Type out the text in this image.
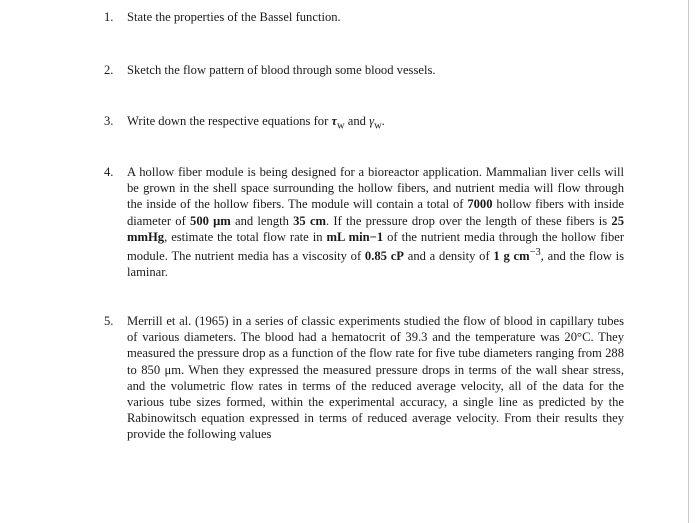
1.	State the properties of the Bassel function.
2.	Sketch the flow pattern of blood through some blood vessels.
3.	Write down the respective equations for $\tau_w$ and $\gamma_w$.
4.	A hollow fiber module is being designed for a bioreactor application. Mammalian liver cells will be grown in the shell space surrounding the hollow fibers, and nutrient media will flow through the inside of the hollow fibers. The module will contain a total of 7000 hollow fibers with inside diameter of 500 μm and length 35 cm. If the pressure drop over the length of these fibers is 25 mmHg, estimate the total flow rate in mL min−1 of the nutrient media through the hollow fiber module. The nutrient media has a viscosity of 0.85 cP and a density of 1 g $cm^{-3}$, and the flow is laminar.
5.	Merrill et al. (1965) in a series of classic experiments studied the flow of blood in capillary tubes of various diameters. The blood had a hematocrit of 39.3 and the temperature was 20°C. They measured the pressure drop as a function of the flow rate for five tube diameters ranging from 288 to 850 μm. When they expressed the measured pressure drops in terms of the wall shear stress, and the volumetric flow rates in terms of the reduced average velocity, all of the data for the various tube sizes formed, within the experimental accuracy, a single line as predicted by the Rabinowitsch equation expressed in terms of reduced average velocity. From their results they provide the following values
